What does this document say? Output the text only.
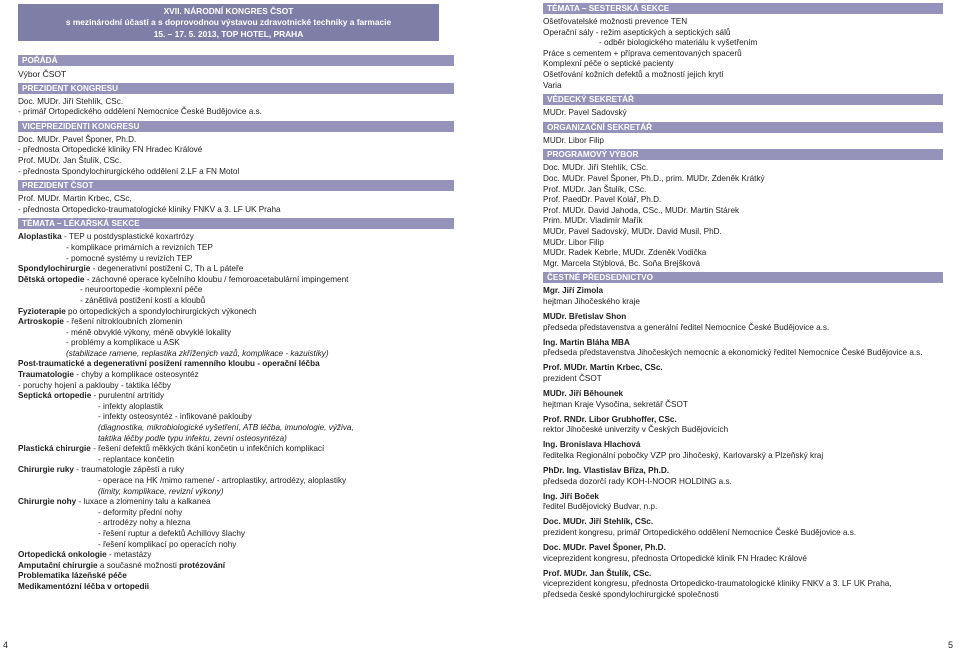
XVII. NÁRODNÍ KONGRES ČSOT
s mezinárodní účastí a s doprovodnou výstavou zdravotnické techniky a farmacie
15. – 17. 5. 2013, TOP HOTEL, PRAHA
POŘÁDÁ
Výbor ČSOT
PREZIDENT KONGRESU
Doc. MUDr. Jiří Stehlík, CSc.
- primář Ortopedického oddělení Nemocnice České Budějovice a.s.
VICEPREZIDENTI KONGRESU
Doc. MUDr. Pavel Šponer, Ph.D.
- přednosta Ortopedické kliniky FN Hradec Králové
Prof. MUDr. Jan Štulík, CSc.
- přednosta Spondylochirurgického oddělení 2.LF a FN Motol
PREZIDENT ČSOT
Prof. MUDr. Martin Krbec, CSc,
- přednosta Ortopedicko-traumatologické kliniky FNKV a 3. LF UK Praha
TÉMATA – LÉKAŘSKÁ SEKCE
Aloplastika - TEP u postdysplastické koxartrózy
- komplikace primárních a revizních TEP
- pomocné systémy u revizích TEP
Spondylochirurgie - degenerativní postižení C, Th a L páteře
Dětská ortopedie - záchovné operace kyčelního kloubu / femoroacetabulární impingement
- neuroortopedie -komplexní péče
- zánětlivá postižení kostí a kloubů
Fyzioterapie po ortopedických a spondylochirurgických výkonech
Artroskopie - řešení nitrokloubních zlomenin
- méně obvyklé výkony, méně obvyklé lokality
- problémy a komplikace u ASK
(stabilizace ramene, replastika zkřížených vazů, komplikace - kazuistiky)
Post-traumatické a degenerativní posižení ramenního kloubu - operační léčba
Traumatologie - chyby a komplikace osteosyntéz
- poruchy hojení a paklouby - taktika léčby
Septická ortopedie - purulentní artritidy
- infekty aloplastik
- infekty osteosyntéz - infikované paklouby
(diagnostika, mikrobiologické vyšetření, ATB léčba, imunologie, výživa,
taktika léčby podle typu infektu, zevní osteosyntéza)
Plastická chirurgie - řešení defektů měkkých tkání končetin u infekčních komplikací
- replantace končetin
Chirurgie ruky - traumatologie zápěstí a ruky
- operace na HK /mimo ramene/ - artroplastiky, artrodézy, aloplastiky
(limity, komplikace, revizní výkony)
Chirurgie nohy - luxace a zlomeniny talu a kalkanea
- deformity přední nohy
- artrodézy nohy a hlezna
- řešení ruptur a defektů Achillovy šlachy
- řešení komplikací po operacích nohy
Ortopedická onkologie - metastázy
Amputační chirurgie a současné možnosti protézování
Problematika lázeňské péče
Medikamentózní léčba v ortopedii
TÉMATA – SESTERSKÁ SEKCE
Ošetřovatelské možnosti prevence TEN
Operační sály - režim aseptických a septických sálů
- odběr biologického materiálu k vyšetřením
Práce s cementem + příprava cementovaných spacerů
Komplexní péče o septické pacienty
Ošetřování kožních defektů a možností jejich krytí
Varia
VĚDECKÝ SEKRETÁŘ
MUDr. Pavel Sadovský
ORGANIZAČNÍ SEKRETÁŘ
MUDr. Libor Filip
PROGRAMOVÝ VÝBOR
Doc. MUDr. Jiří Stehlík, CSc.
Doc. MUDr. Pavel Šponer, Ph.D., prim. MUDr. Zdeněk Krátký
Prof. MUDr. Jan Štulík, CSc.
Prof. PaedDr. Pavel Kolář, Ph.D.
Prof. MUDr. David Jahoda, CSc., MUDr. Martin Stárek
Prim. MUDr. Vladimír Mařík
MUDr. Pavel Sadovský, MUDr. David Musil, PhD.
MUDr. Libor Filip
MUDr. Radek Kebrle, MUDr. Zdeněk Vodička
Mgr. Marcela Stýblová, Bc. Soňa Brejšková
ČESTNÉ PŘEDSEDNICTVO
Mgr. Jiří Zimola
hejtman Jihočeského kraje
MUDr. Břetislav Shon
předseda představenstva a generální ředitel Nemocnice České Budějovice a.s.
Ing. Martin Bláha MBA
předseda představenstva Jihočeských nemocnic a ekonomický ředitel Nemocnice České Budějovice a.s.
Prof. MUDr. Martin Krbec, CSc.
prezident ČSOT
MUDr. Jiří Běhounek
hejtman Kraje Vysočina, sekretář ČSOT
Prof. RNDr. Libor Grubhoffer, CSc.
rektor Jihočeské univerzity v Českých Budějovicích
Ing. Bronislava Hlachová
ředitelka Regionální pobočky VZP pro Jihočeský, Karlovarský a Plzeňský kraj
PhDr. Ing. Vlastislav Bříza, Ph.D.
předseda dozorčí rady KOH-I-NOOR HOLDING a.s.
Ing. Jiří Boček
ředitel Budějovický Budvar, n.p.
Doc. MUDr. Jiří Stehlík, CSc.
prezident kongresu, primář Ortopedického oddělení Nemocnice České Budějovice a.s.
Doc. MUDr. Pavel Šponer, Ph.D.
viceprezident kongresu, přednosta Ortopedické klinik FN Hradec Králové
Prof. MUDr. Jan Štulík, CSc.
viceprezident kongresu, přednosta Ortopedicko-traumatologické kliniky FNKV a 3. LF UK Praha,
předseda české spondylochirurgické společnosti
4	5
